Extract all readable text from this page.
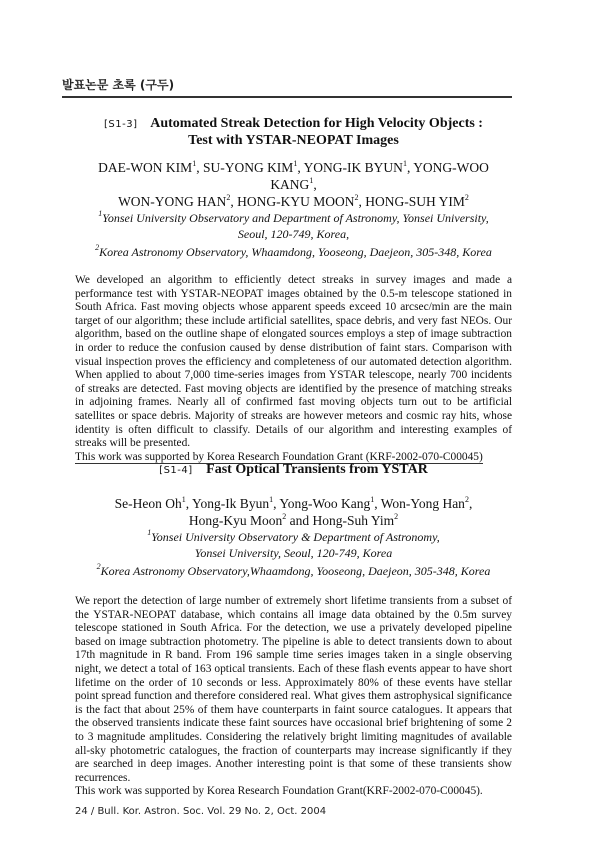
발표논문 초록 (구두)
[S1-3] Automated Streak Detection for High Velocity Objects :
Test with YSTAR-NEOPAT Images
DAE-WON KIM$^1$, SU-YONG KIM$^1$, YONG-IK BYUN$^1$, YONG-WOO KANG$^1$,
WON-YONG HAN$^2$, HONG-KYU MOON$^2$, HONG-SUH YIM$^2$
$^1$Yonsei University Observatory and Department of Astronomy, Yonsei University,
Seoul, 120-749, Korea,
$^2$Korea Astronomy Observatory, Whaamdong, Yooseong, Daejeon, 305-348, Korea
We developed an algorithm to efficiently detect streaks in survey images and made a performance test with YSTAR-NEOPAT images obtained by the 0.5-m telescope stationed in South Africa. Fast moving objects whose apparent speeds exceed 10 arcsec/min are the main target of our algorithm; these include artificial satellites, space debris, and very fast NEOs. Our algorithm, based on the outline shape of elongated sources employs a step of image subtraction in order to reduce the confusion caused by dense distribution of faint stars. Comparison with visual inspection proves the efficiency and completeness of our automated detection algorithm. When applied to about 7,000 time-series images from YSTAR telescope, nearly 700 incidents of streaks are detected. Fast moving objects are identified by the presence of matching streaks in adjoining frames. Nearly all of confirmed fast moving objects turn out to be artificial satellites or space debris. Majority of streaks are however meteors and cosmic ray hits, whose identity is often difficult to classify. Details of our algorithm and interesting examples of streaks will be presented.
This work was supported by Korea Research Foundation Grant (KRF-2002-070-C00045)
[S1-4] Fast Optical Transients from YSTAR
Se-Heon Oh$^1$, Yong-Ik Byun$^1$, Yong-Woo Kang$^1$, Won-Yong Han$^2$,
Hong-Kyu Moon$^2$ and Hong-Suh Yim$^2$
$^1$Yonsei University Observatory & Department of Astronomy,
Yonsei University, Seoul, 120-749, Korea
$^2$Korea Astronomy Observatory,Whaamdong, Yooseong, Daejeon, 305-348, Korea
We report the detection of large number of extremely short lifetime transients from a subset of the YSTAR-NEOPAT database, which contains all image data obtained by the 0.5m survey telescope stationed in South Africa. For the detection, we use a privately developed pipeline based on image subtraction photometry. The pipeline is able to detect transients down to about 17th magnitude in R band. From 196 sample time series images taken in a single observing night, we detect a total of 163 optical transients. Each of these flash events appear to have short lifetime on the order of 10 seconds or less. Approximately 80% of these events have stellar point spread function and therefore considered real. What gives them astrophysical significance is the fact that about 25% of them have counterparts in faint source catalogues. It appears that the observed transients indicate these faint sources have occasional brief brightening of some 2 to 3 magnitude amplitudes. Considering the relatively bright limiting magnitudes of available all-sky photometric catalogues, the fraction of counterparts may increase significantly if they are searched in deep images. Another interesting point is that some of these transients show recurrences.
This work was supported by Korea Research Foundation Grant(KRF-2002-070-C00045).
24 / Bull. Kor. Astron. Soc. Vol. 29 No. 2, Oct. 2004
